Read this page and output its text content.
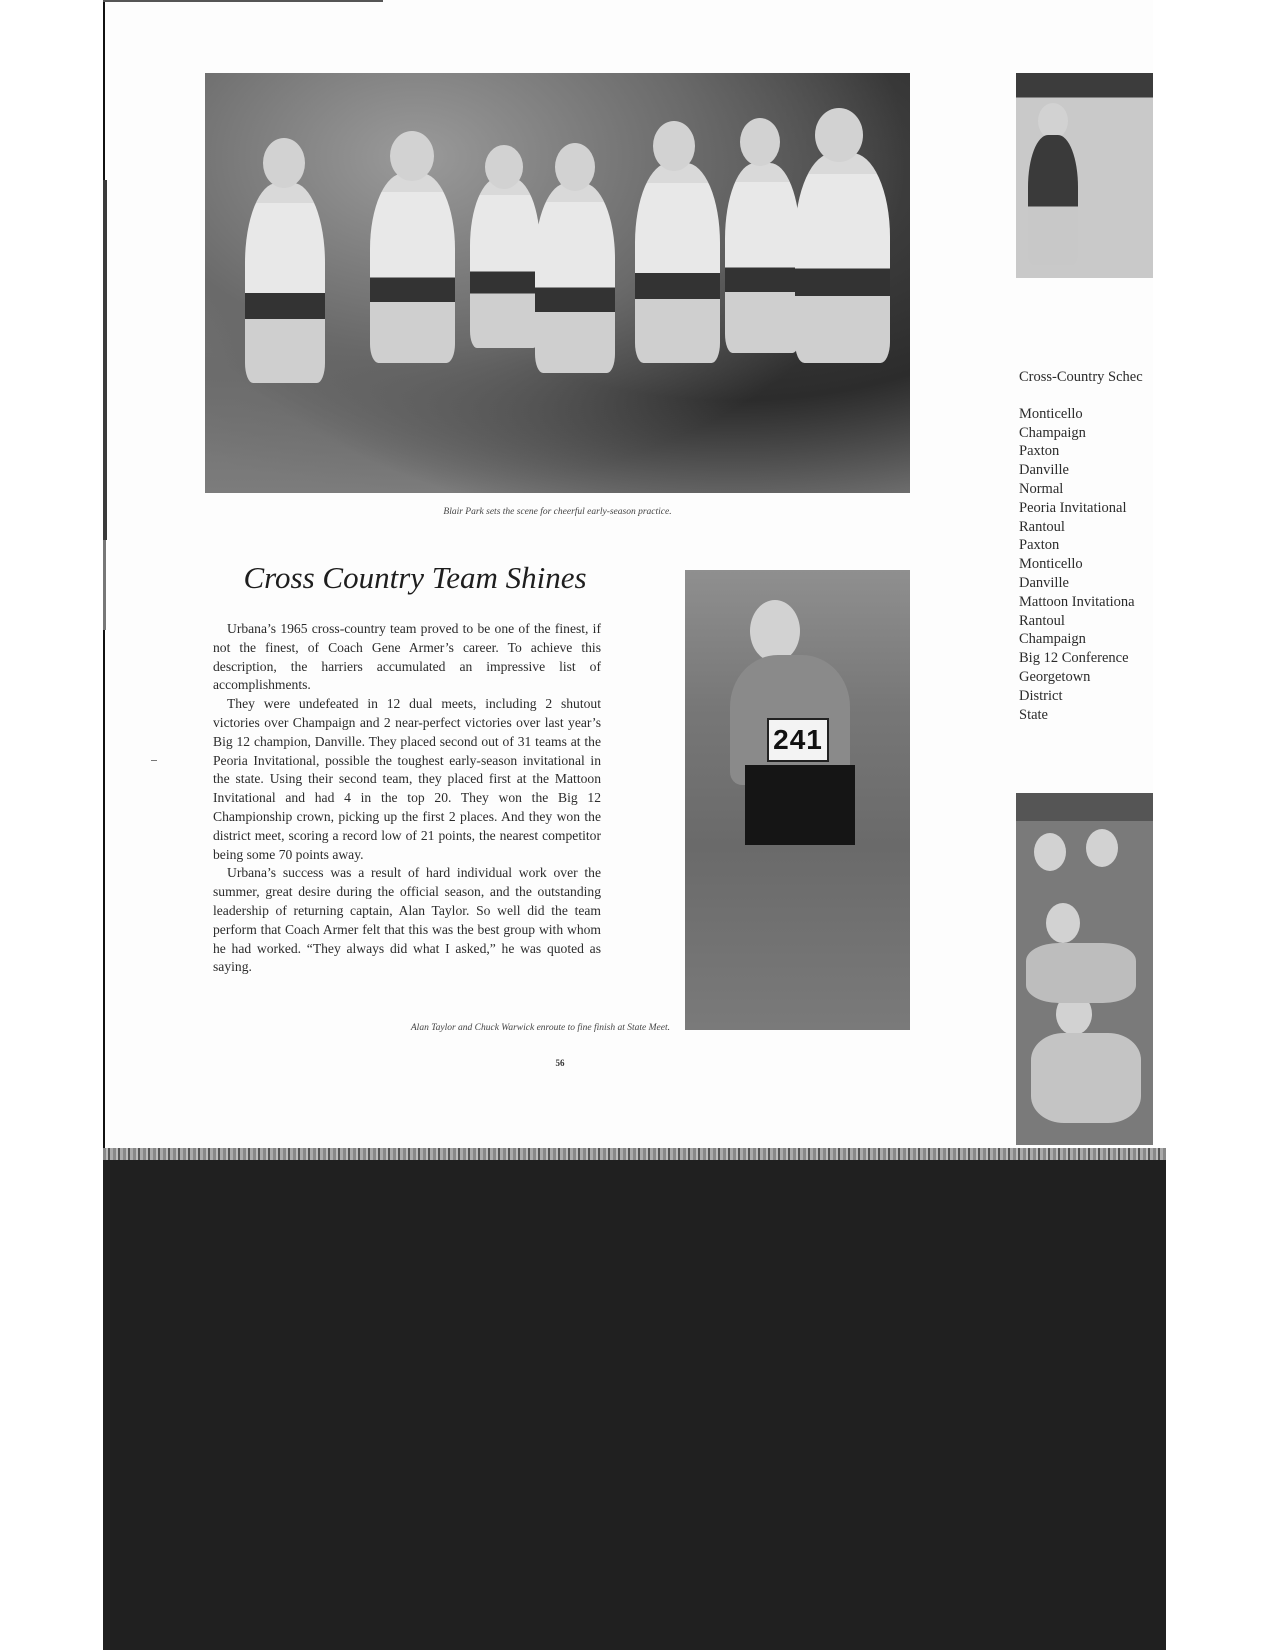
Blair Park sets the scene for cheerful early-season practice.
Cross Country Team Shines

Urbana’s 1965 cross-country team proved to be one of the finest, if not the finest, of Coach Gene Armer’s career. To achieve this description, the harriers accumulated an impressive list of accomplishments.

They were undefeated in 12 dual meets, including 2 shutout victories over Champaign and 2 near-perfect victories over last year’s Big 12 champion, Danville. They placed second out of 31 teams at the Peoria Invitational, possible the toughest early-season invitational in the state. Using their second team, they placed first at the Mattoon Invitational and had 4 in the top 20. They won the Big 12 Championship crown, picking up the first 2 places. And they won the district meet, scoring a record low of 21 points, the nearest competitor being some 70 points away.

Urbana’s success was a result of hard individual work over the summer, great desire during the official season, and the outstanding leadership of returning captain, Alan Taylor. So well did the team perform that Coach Armer felt that this was the best group with whom he had worked. “They always did what I asked,” he was quoted as saying.

241
Alan Taylor and Chuck Warwick enroute to fine finish at State Meet.
56
Cross-Country Schec
Monticello
Champaign
Paxton
Danville
Normal
Peoria Invitational
Rantoul
Paxton
Monticello
Danville
Mattoon Invitationa
Rantoul
Champaign
Big 12 Conference
Georgetown
District
State
